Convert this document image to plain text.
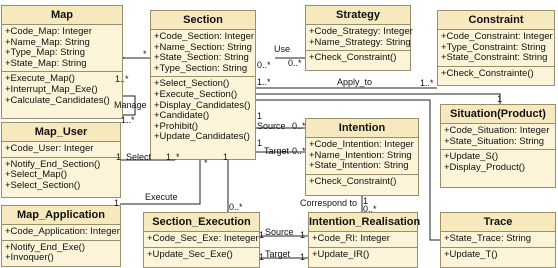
Map
+Code_Map: Integer
+Name_Map: String
+Type_Map: String
+State_Map: String
+Execute_Map()
+Interrupt_Map_Exe()
+Calculate_Candidates()
Map_User
+Code_User: Integer
+Notify_End_Section()
+Select_Map()
+Select_Section()
Map_Application
+Code_Application: Integer
+Notify_End_Exe()
+Invoquer()
Section
+Code_Section: Integer
+Name_Section: String
+State_Section: String
+Type_Section: String
+Select_Section()
+Execute_Section()
+Display_Candidates()
+Candidate()
+Prohibit()
+Update_Candidates()
Strategy
+Code_Strategy: Integer
+Name_Strategy: String
+Check_Constraint()
Constraint
+Code_Constraint: Integer
+Type_Constraint: String
+State_Constraint: String
+Check_Constrainte()
Situation(Product)
+Code_Situation: Integer
+State_Situation: String
+Update_S()
+Display_Product()
Intention
+Code_Intention: Integer
+Name_Intention: String
+State_Intention: String
+Check_Constraint()
Section_Execution
+Code_Sec_Exe: Ineteger
+Update_Sec_Exe()
Intention_Realisation
+Code_RI: Integer
+Update_IR()
Trace
+State_Trace: String
+Update_T()
Use
0..* 0..*
*
1..*
Manage
1..*
Apply_to
1..*	1..*
1
Source 0..*
1
Target 0..*
1
1 Select 1..*
*
1
1
Execute
0..*	Correspond to 1
0..*
1 Source 1
1 Target 1
